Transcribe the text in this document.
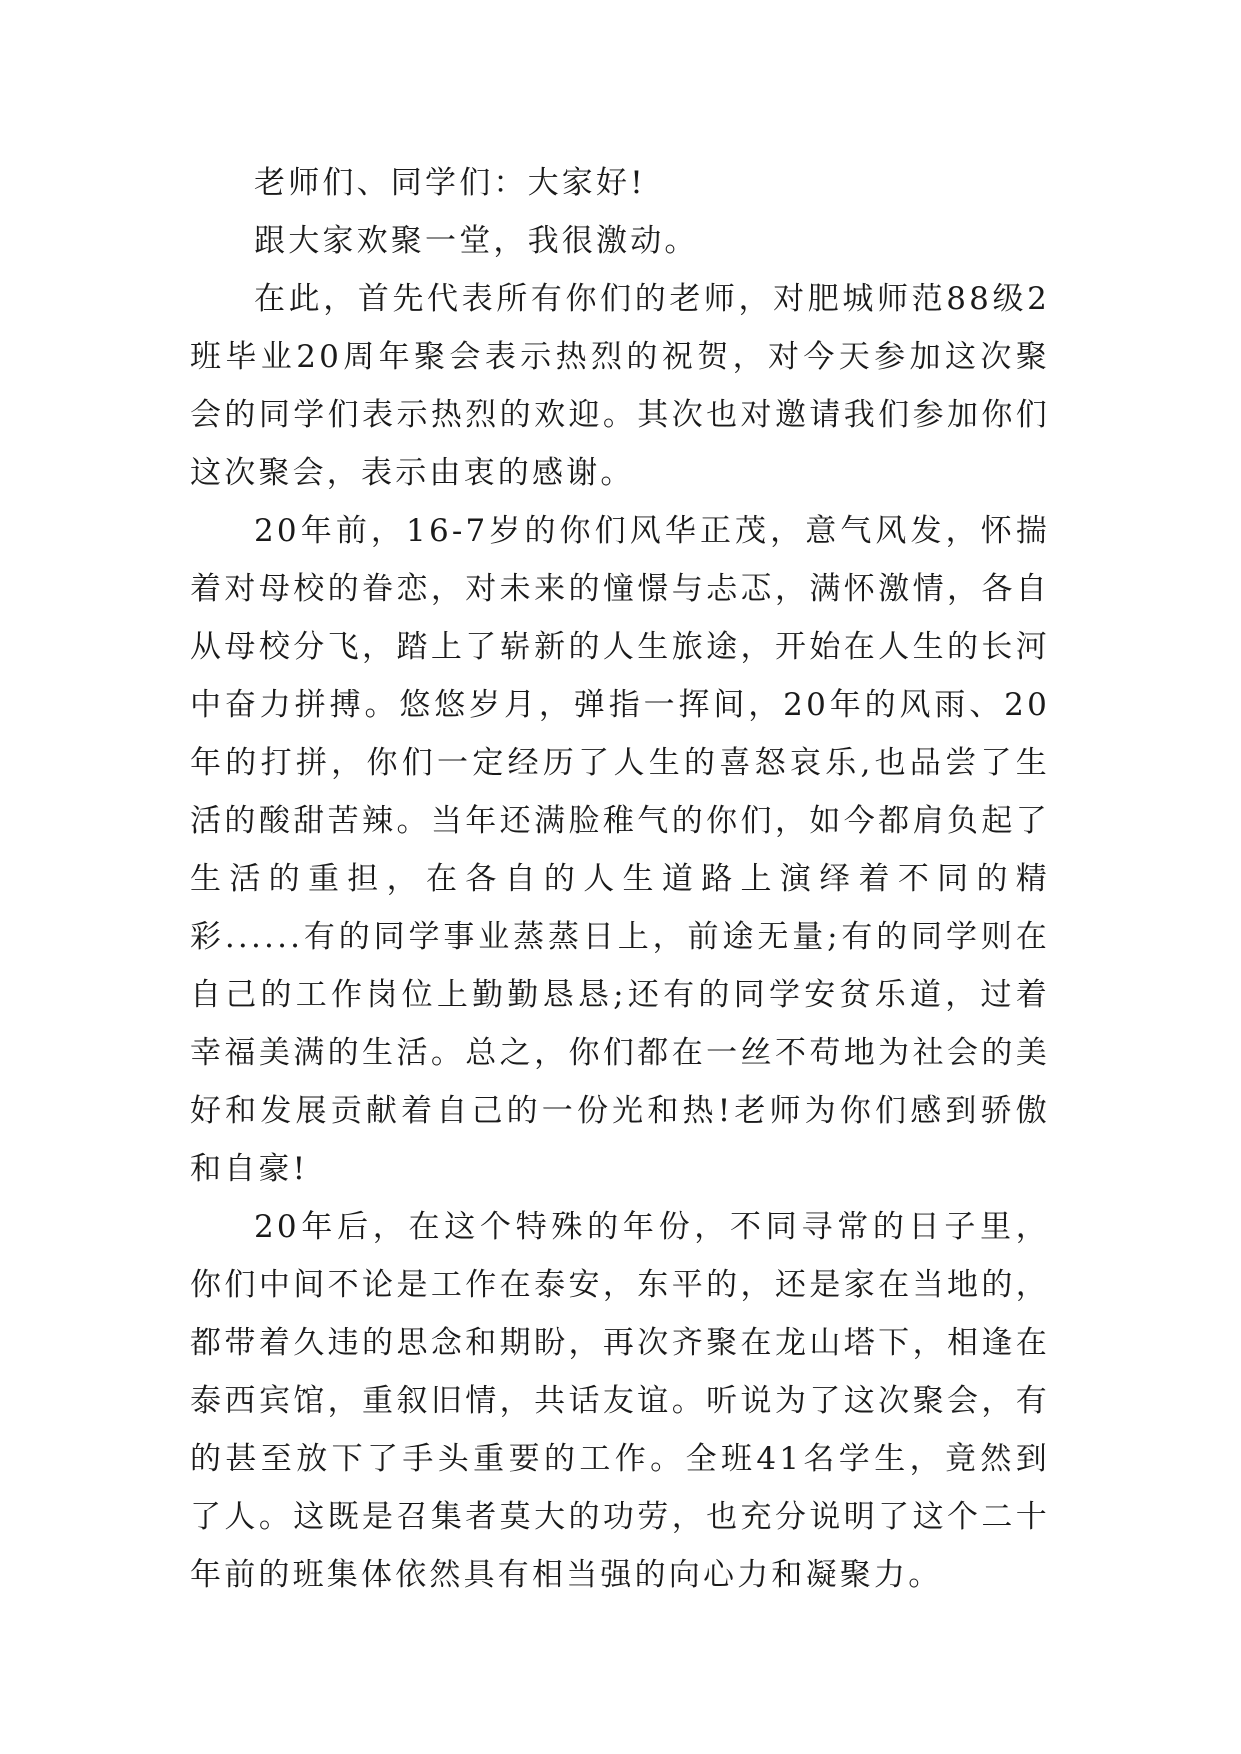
老师们、同学们：大家好!

跟大家欢聚一堂，我很激动。

在此，首先代表所有你们的老师，对肥城师范88级2班毕业20周年聚会表示热烈的祝贺，对今天参加这次聚会的同学们表示热烈的欢迎。其次也对邀请我们参加你们这次聚会，表示由衷的感谢。

20年前，16-7岁的你们风华正茂，意气风发，怀揣着对母校的眷恋，对未来的憧憬与忐忑，满怀激情，各自从母校分飞，踏上了崭新的人生旅途，开始在人生的长河中奋力拼搏。悠悠岁月，弹指一挥间，20年的风雨、20年的打拼，你们一定经历了人生的喜怒哀乐,也品尝了生活的酸甜苦辣。当年还满脸稚气的你们，如今都肩负起了生活的重担，在各自的人生道路上演绎着不同的精彩......有的同学事业蒸蒸日上，前途无量;有的同学则在自己的工作岗位上勤勤恳恳;还有的同学安贫乐道，过着幸福美满的生活。总之，你们都在一丝不苟地为社会的美好和发展贡献着自己的一份光和热!老师为你们感到骄傲和自豪!

20年后，在这个特殊的年份，不同寻常的日子里，你们中间不论是工作在泰安，东平的，还是家在当地的，都带着久违的思念和期盼，再次齐聚在龙山塔下，相逢在泰西宾馆，重叙旧情，共话友谊。听说为了这次聚会，有的甚至放下了手头重要的工作。全班41名学生，竟然到了人。这既是召集者莫大的功劳，也充分说明了这个二十年前的班集体依然具有相当强的向心力和凝聚力。
